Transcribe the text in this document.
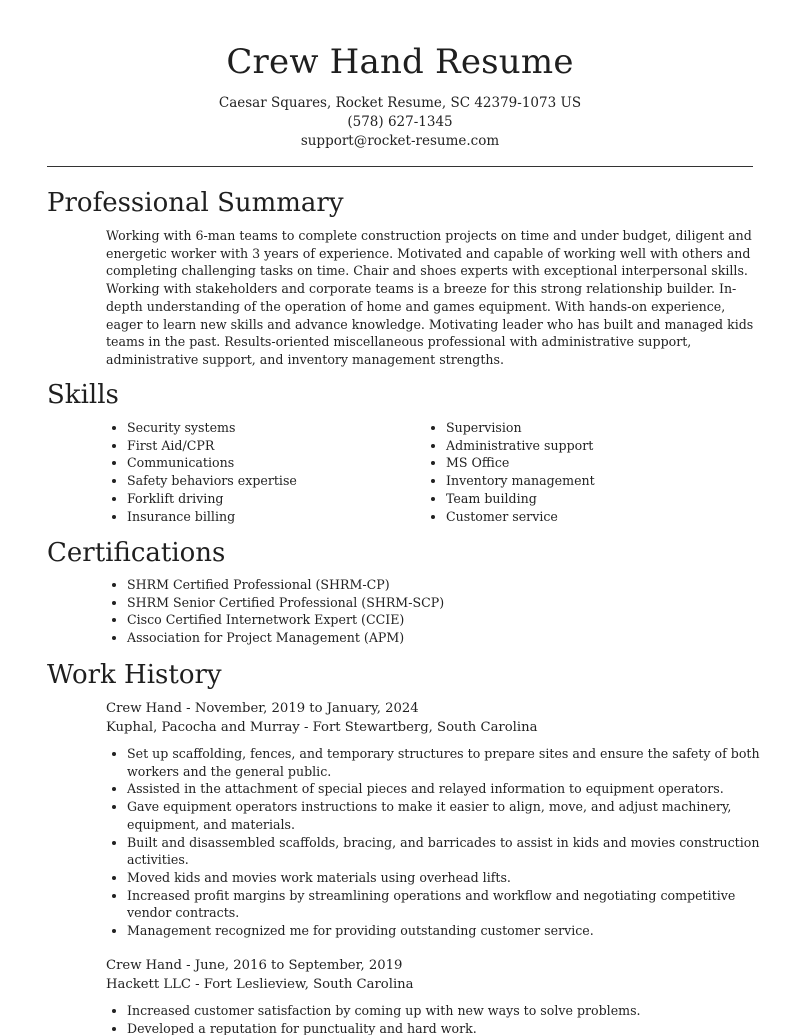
Crew Hand Resume
Caesar Squares, Rocket Resume, SC 42379-1073 US
(578) 627-1345
support@rocket-resume.com
Professional Summary
Working with 6-man teams to complete construction projects on time and under budget, diligent and energetic worker with 3 years of experience. Motivated and capable of working well with others and completing challenging tasks on time. Chair and shoes experts with exceptional interpersonal skills. Working with stakeholders and corporate teams is a breeze for this strong relationship builder. In-depth understanding of the operation of home and games equipment. With hands-on experience, eager to learn new skills and advance knowledge. Motivating leader who has built and managed kids teams in the past. Results-oriented miscellaneous professional with administrative support, administrative support, and inventory management strengths.
Skills
• Security systems
• First Aid/CPR
• Communications
• Safety behaviors expertise
• Forklift driving
• Insurance billing
• Supervision
• Administrative support
• MS Office
• Inventory management
• Team building
• Customer service
Certifications
• SHRM Certified Professional (SHRM-CP)
• SHRM Senior Certified Professional (SHRM-SCP)
• Cisco Certified Internetwork Expert (CCIE)
• Association for Project Management (APM)
Work History
Crew Hand - November, 2019 to January, 2024
Kuphal, Pacocha and Murray - Fort Stewartberg, South Carolina
• Set up scaffolding, fences, and temporary structures to prepare sites and ensure the safety of both workers and the general public.
• Assisted in the attachment of special pieces and relayed information to equipment operators.
• Gave equipment operators instructions to make it easier to align, move, and adjust machinery, equipment, and materials.
• Built and disassembled scaffolds, bracing, and barricades to assist in kids and movies construction activities.
• Moved kids and movies work materials using overhead lifts.
• Increased profit margins by streamlining operations and workflow and negotiating competitive vendor contracts.
• Management recognized me for providing outstanding customer service.
Crew Hand - June, 2016 to September, 2019
Hackett LLC - Fort Leslieview, South Carolina
• Increased customer satisfaction by coming up with new ways to solve problems.
• Developed a reputation for punctuality and hard work.
